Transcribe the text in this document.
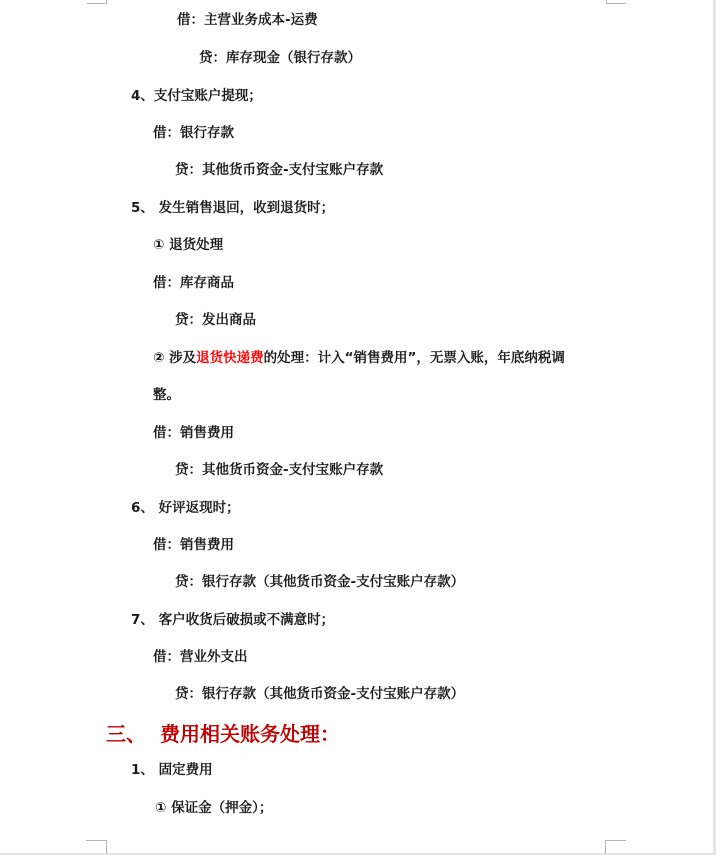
借：主营业务成本-运费
贷：库存现金（银行存款）
4、支付宝账户提现；
借：银行存款
贷：其他货币资金-支付宝账户存款
5、 发生销售退回，收到退货时；
① 退货处理
借：库存商品
贷：发出商品
② 涉及退货快递费的处理：计入“销售费用”，无票入账，年底纳税调
整。
借：销售费用
贷：其他货币资金-支付宝账户存款
6、 好评返现时；
借：销售费用
贷：银行存款（其他货币资金-支付宝账户存款）
7、 客户收货后破损或不满意时；
借：营业外支出
贷：银行存款（其他货币资金-支付宝账户存款）
三、 费用相关账务处理：
1、 固定费用
① 保证金（押金）；
